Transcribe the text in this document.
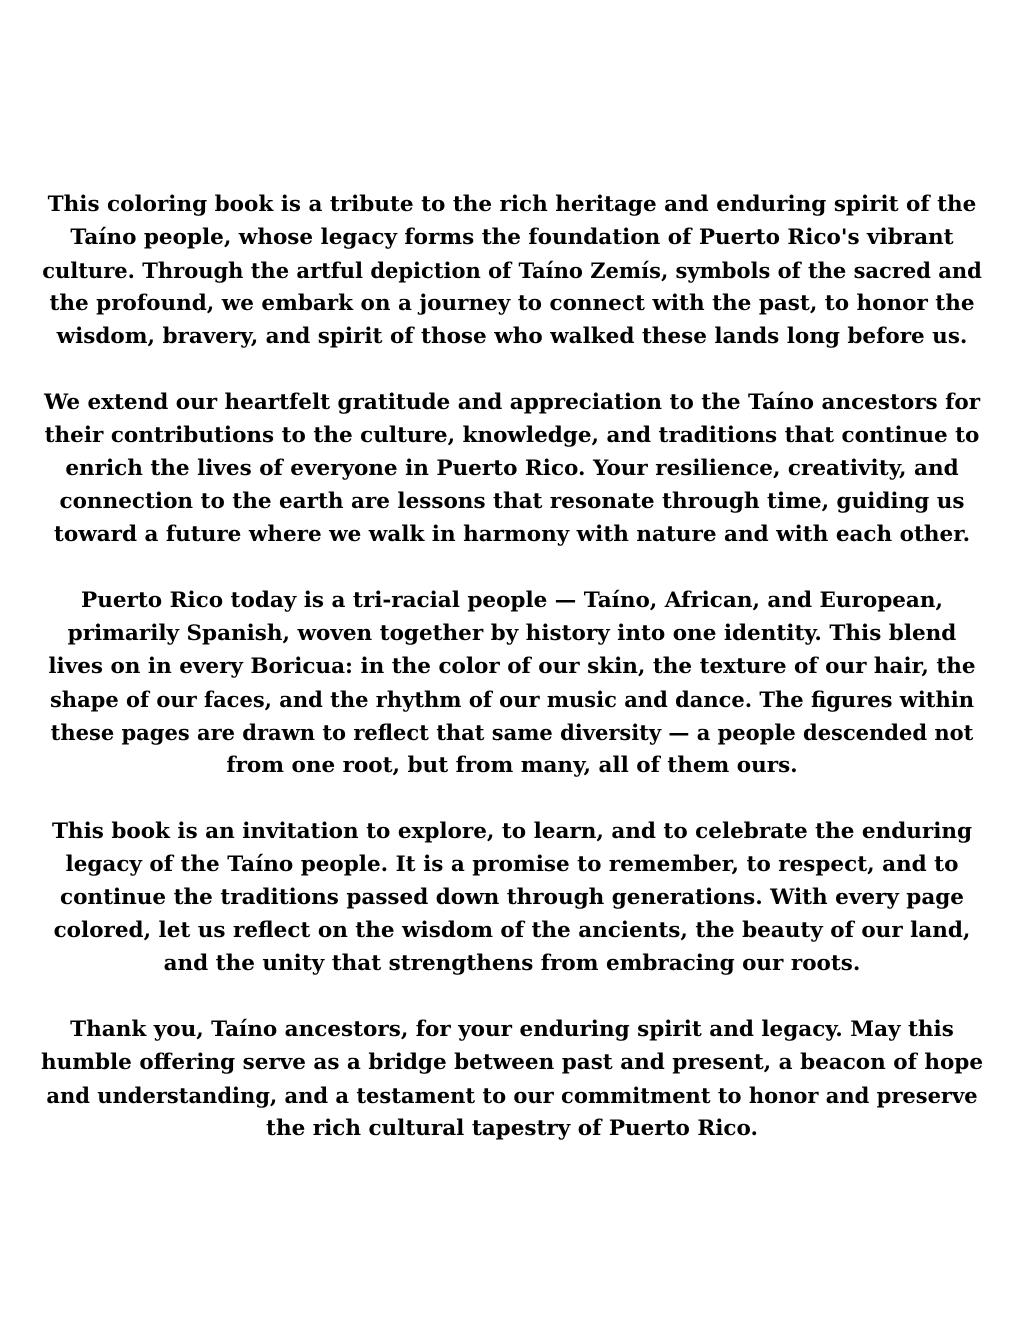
This coloring book is a tribute to the rich heritage and enduring spirit of the
Taíno people, whose legacy forms the foundation of Puerto Rico's vibrant
culture. Through the artful depiction of Taíno Zemís, symbols of the sacred and
the profound, we embark on a journey to connect with the past, to honor the
wisdom, bravery, and spirit of those who walked these lands long before us.

We extend our heartfelt gratitude and appreciation to the Taíno ancestors for
their contributions to the culture, knowledge, and traditions that continue to
enrich the lives of everyone in Puerto Rico. Your resilience, creativity, and
connection to the earth are lessons that resonate through time, guiding us
toward a future where we walk in harmony with nature and with each other.

Puerto Rico today is a tri-racial people — Taíno, African, and European,
primarily Spanish, woven together by history into one identity. This blend
lives on in every Boricua: in the color of our skin, the texture of our hair, the
shape of our faces, and the rhythm of our music and dance. The figures within
these pages are drawn to reflect that same diversity — a people descended not
from one root, but from many, all of them ours.

This book is an invitation to explore, to learn, and to celebrate the enduring
legacy of the Taíno people. It is a promise to remember, to respect, and to
continue the traditions passed down through generations. With every page
colored, let us reflect on the wisdom of the ancients, the beauty of our land,
and the unity that strengthens from embracing our roots.

Thank you, Taíno ancestors, for your enduring spirit and legacy. May this
humble offering serve as a bridge between past and present, a beacon of hope
and understanding, and a testament to our commitment to honor and preserve
the rich cultural tapestry of Puerto Rico.
